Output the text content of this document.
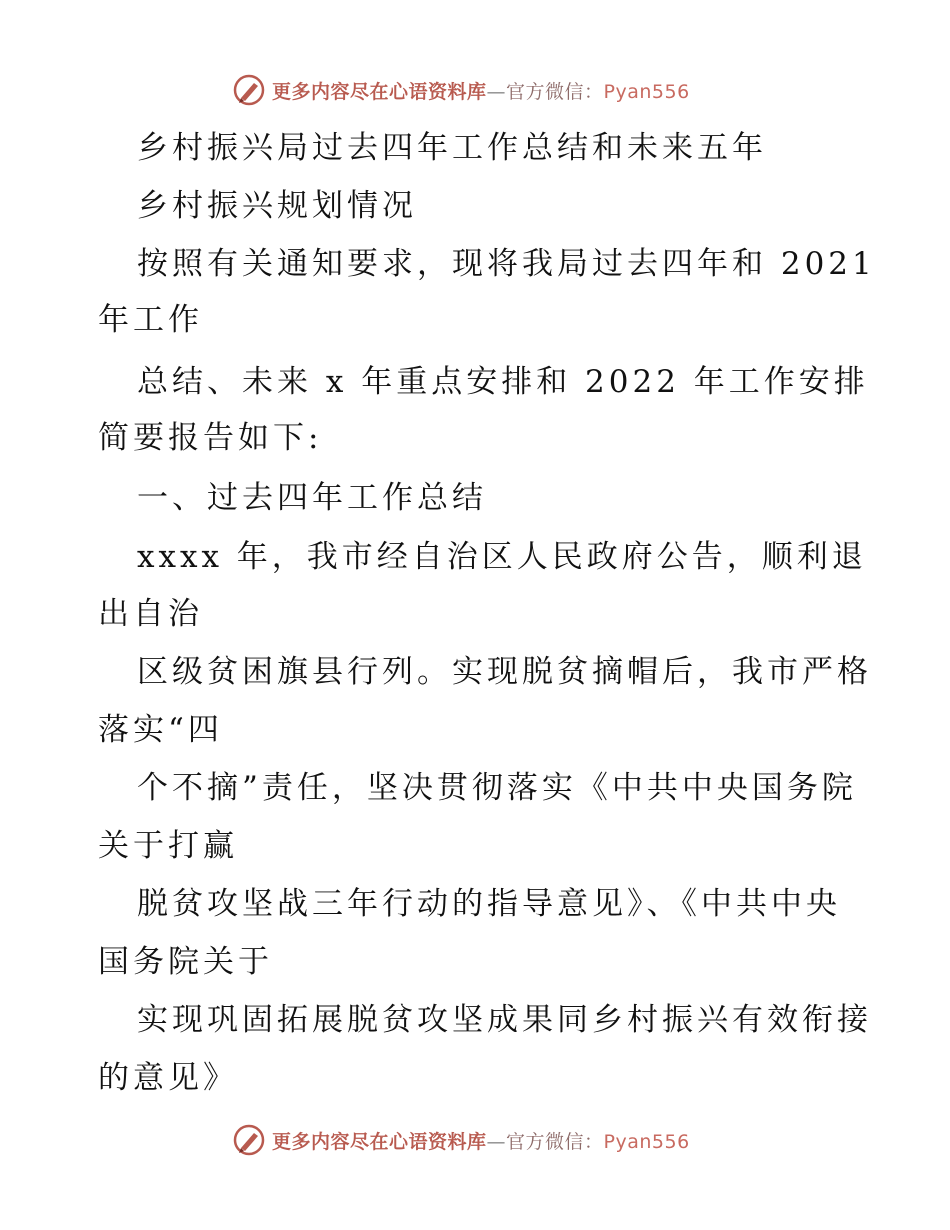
更多内容尽在心语资料库—官方微信：Pyan556
乡村振兴局过去四年工作总结和未来五年
乡村振兴规划情况
按照有关通知要求，现将我局过去四年和 2021
年工作
总结、未来 x 年重点安排和 2022 年工作安排
简要报告如下:
一、过去四年工作总结
xxxx 年，我市经自治区人民政府公告，顺利退
出自治
区级贫困旗县行列。实现脱贫摘帽后，我市严格
落实“四
个不摘”责任，坚决贯彻落实《中共中央国务院
关于打赢
脱贫攻坚战三年行动的指导意见》、《中共中央
国务院关于
实现巩固拓展脱贫攻坚成果同乡村振兴有效衔接
的意见》
更多内容尽在心语资料库—官方微信：Pyan556
